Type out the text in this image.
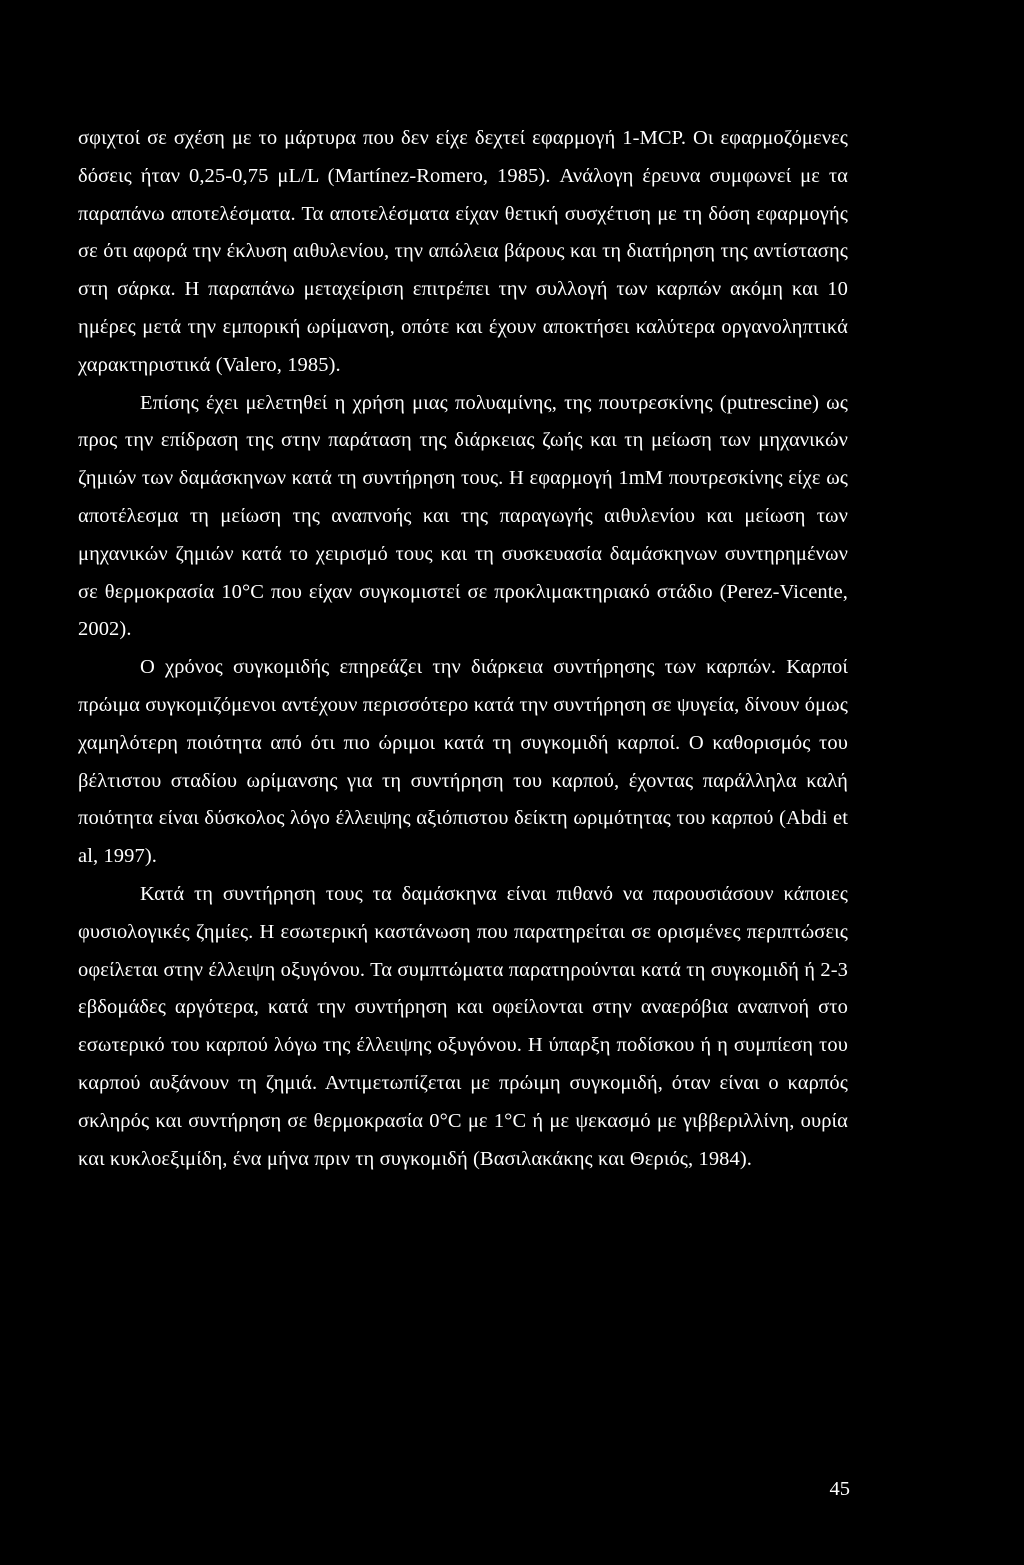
σφιχτοί σε σχέση με το μάρτυρα που δεν είχε δεχτεί εφαρμογή 1-MCP. Οι εφαρμοζόμενες δόσεις ήταν 0,25-0,75 μL/L (Martínez-Romero, 1985). Ανάλογη έρευνα συμφωνεί με τα παραπάνω αποτελέσματα. Τα αποτελέσματα είχαν θετική συσχέτιση με τη δόση εφαρμογής σε ότι αφορά την έκλυση αιθυλενίου, την απώλεια βάρους και τη διατήρηση της αντίστασης στη σάρκα. Η παραπάνω μεταχείριση επιτρέπει την συλλογή των καρπών ακόμη και 10 ημέρες μετά την εμπορική ωρίμανση, οπότε και έχουν αποκτήσει καλύτερα οργανοληπτικά χαρακτηριστικά (Valero, 1985).

Επίσης έχει μελετηθεί η χρήση μιας πολυαμίνης, της πουτρεσκίνης (putrescine) ως προς την επίδραση της στην παράταση της διάρκειας ζωής και τη μείωση των μηχανικών ζημιών των δαμάσκηνων κατά τη συντήρηση τους. Η εφαρμογή 1mM πουτρεσκίνης είχε ως αποτέλεσμα τη μείωση της αναπνοής και της παραγωγής αιθυλενίου και μείωση των μηχανικών ζημιών κατά το χειρισμό τους και τη συσκευασία δαμάσκηνων συντηρημένων σε θερμοκρασία 10°C που είχαν συγκομιστεί σε προκλιμακτηριακό στάδιο (Perez-Vicente, 2002).

Ο χρόνος συγκομιδής επηρεάζει την διάρκεια συντήρησης των καρπών. Καρποί πρώιμα συγκομιζόμενοι αντέχουν περισσότερο κατά την συντήρηση σε ψυγεία, δίνουν όμως χαμηλότερη ποιότητα από ότι πιο ώριμοι κατά τη συγκομιδή καρποί. Ο καθορισμός του βέλτιστου σταδίου ωρίμανσης για τη συντήρηση του καρπού, έχοντας παράλληλα καλή ποιότητα είναι δύσκολος λόγο έλλειψης αξιόπιστου δείκτη ωριμότητας του καρπού (Abdi et al, 1997).

Κατά τη συντήρηση τους τα δαμάσκηνα είναι πιθανό να παρουσιάσουν κάποιες φυσιολογικές ζημίες. Η εσωτερική καστάνωση που παρατηρείται σε ορισμένες περιπτώσεις οφείλεται στην έλλειψη οξυγόνου. Τα συμπτώματα παρατηρούνται κατά τη συγκομιδή ή 2-3 εβδομάδες αργότερα, κατά την συντήρηση και οφείλονται στην αναερόβια αναπνοή στο εσωτερικό του καρπού λόγω της έλλειψης οξυγόνου. Η ύπαρξη ποδίσκου ή η συμπίεση του καρπού αυξάνουν τη ζημιά. Αντιμετωπίζεται με πρώιμη συγκομιδή, όταν είναι ο καρπός σκληρός και συντήρηση σε θερμοκρασία 0°C με 1°C ή με ψεκασμό με γιββεριλλίνη, ουρία και κυκλοεξιμίδη, ένα μήνα πριν τη συγκομιδή (Βασιλακάκης και Θεριός, 1984).

45
